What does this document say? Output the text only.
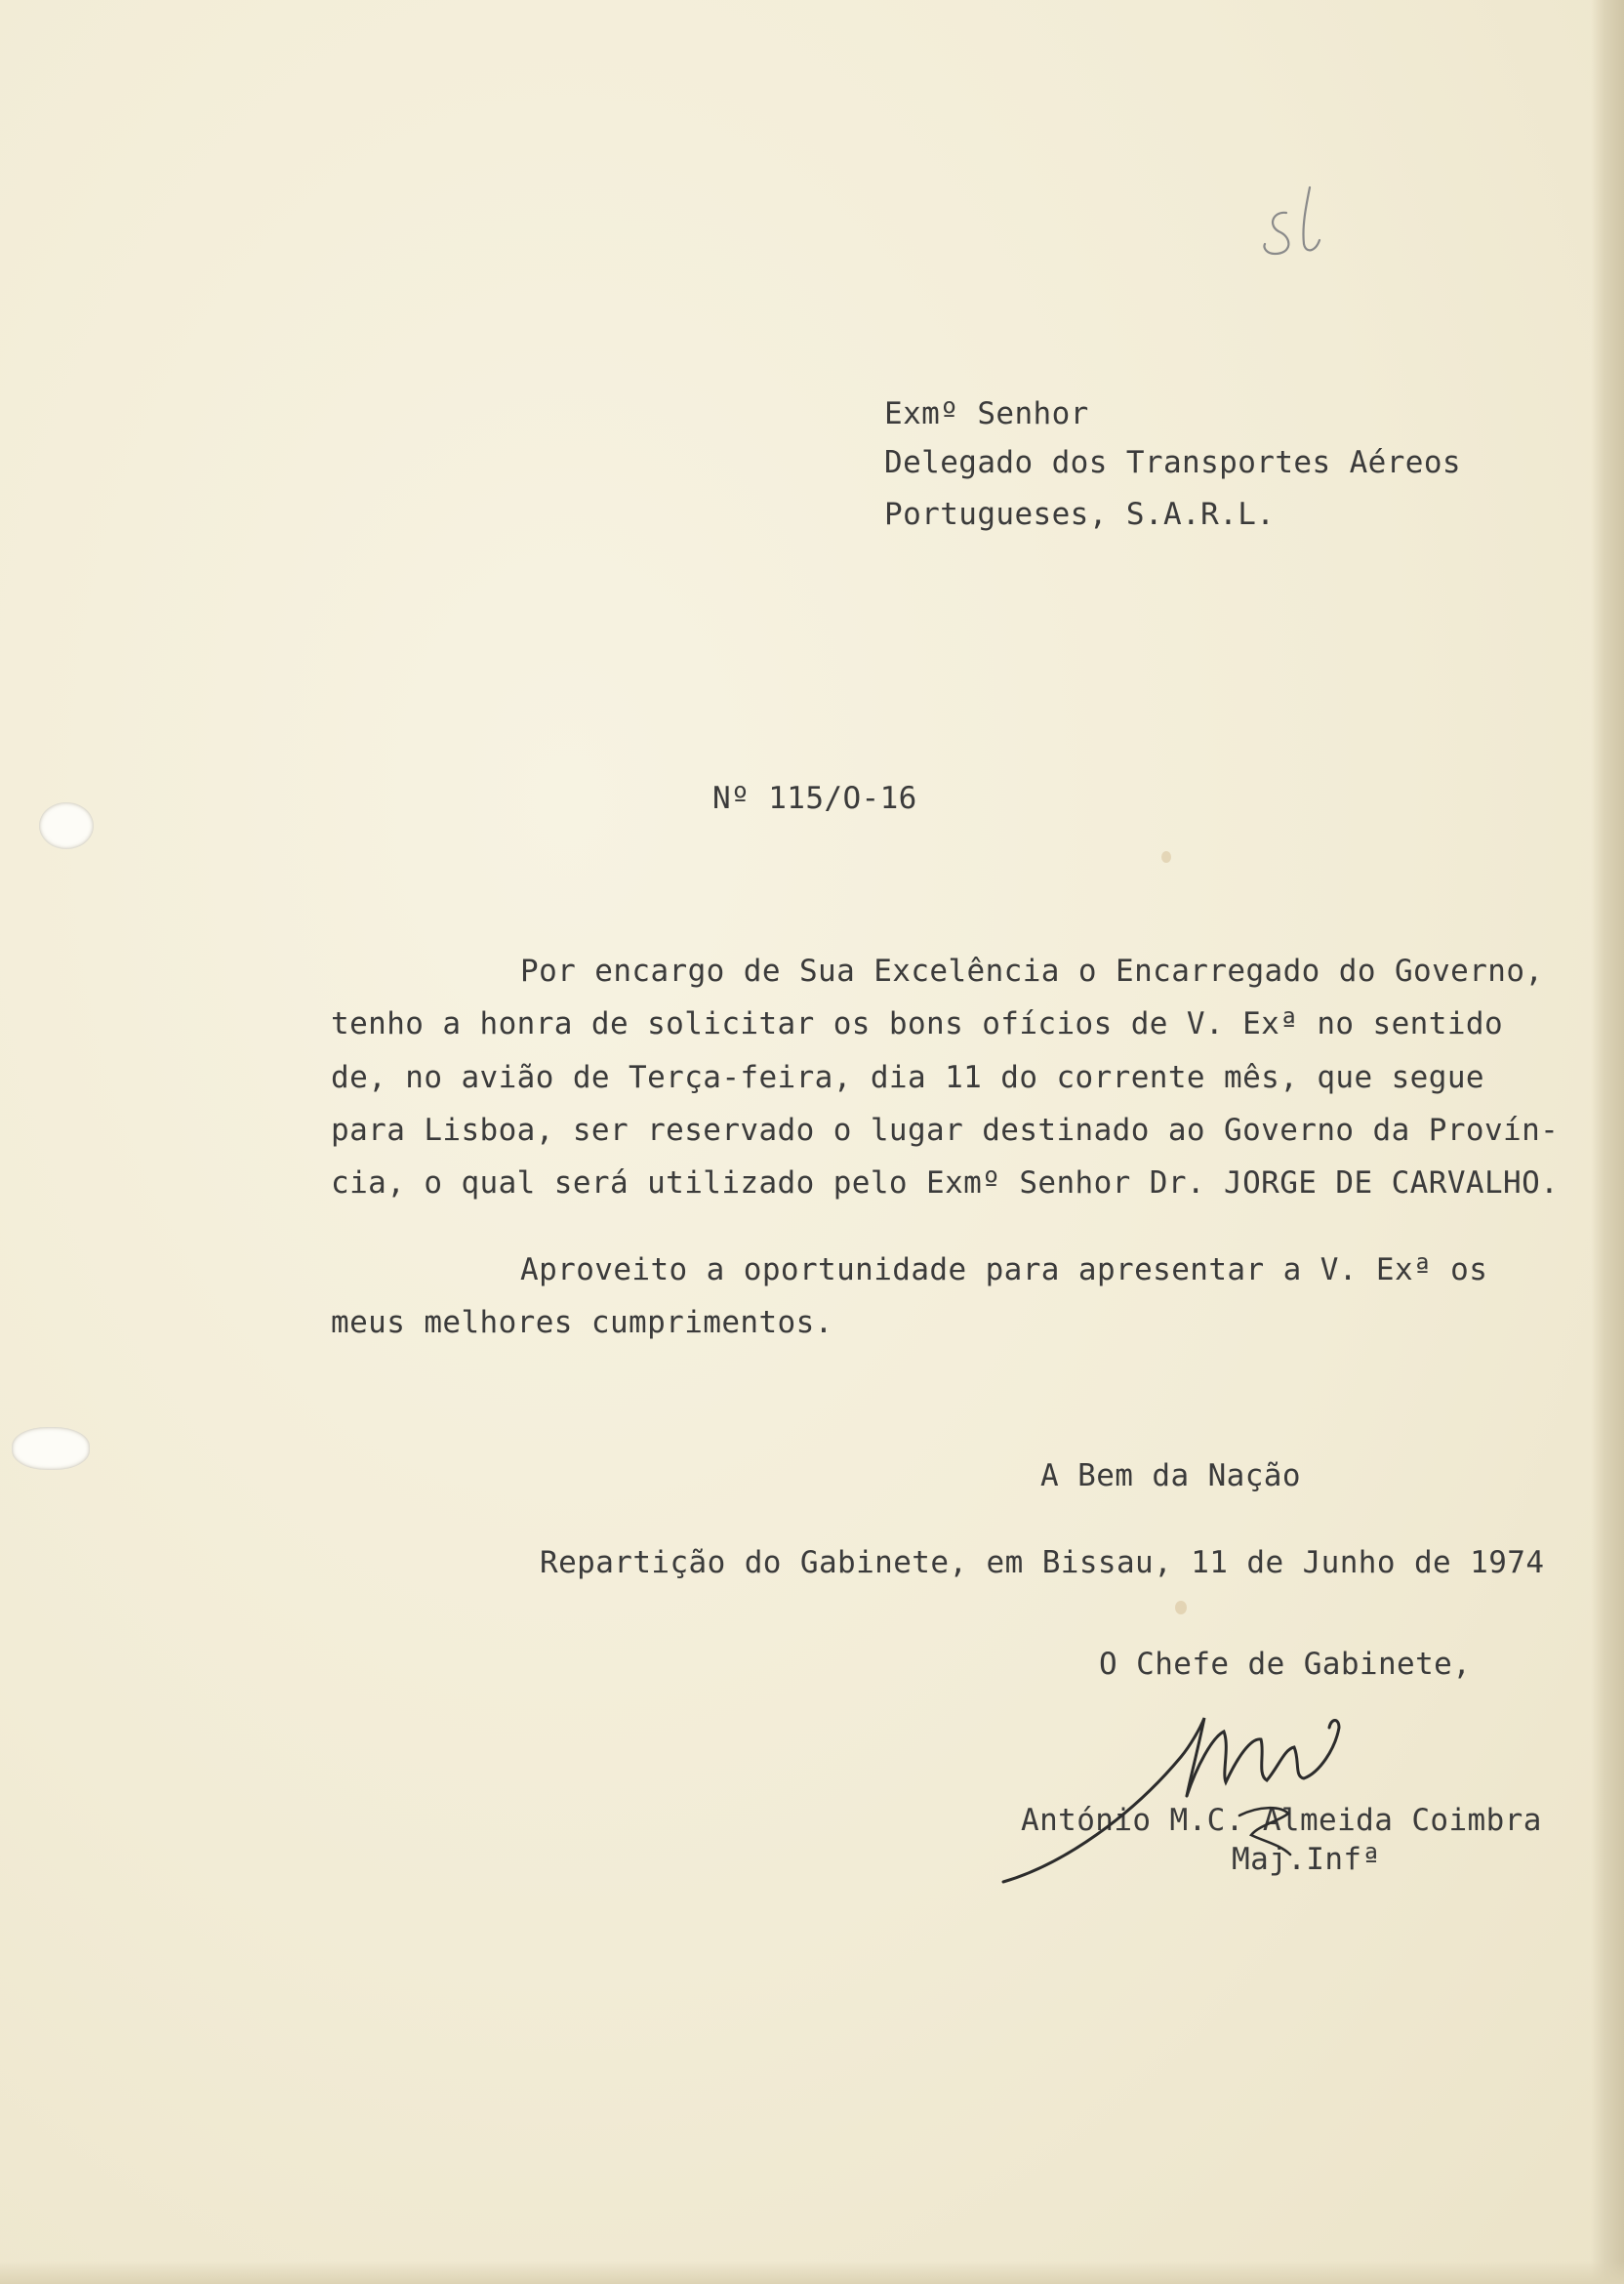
Exmº Senhor
Delegado dos Transportes Aéreos
Portugueses, S.A.R.L.
Nº 115/O-16
Por encargo de Sua Excelência o Encarregado do Governo,
tenho a honra de solicitar os bons ofícios de V. Exª no sentido
de, no avião de Terça-feira, dia 11 do corrente mês, que segue
para Lisboa, ser reservado o lugar destinado ao Governo da Provín-
cia, o qual será utilizado pelo Exmº Senhor Dr. JORGE DE CARVALHO.
Aproveito a oportunidade para apresentar a V. Exª os
meus melhores cumprimentos.
A Bem da Nação
Repartição do Gabinete, em Bissau, 11 de Junho de 1974
O Chefe de Gabinete,
António M.C. Almeida Coimbra
Maj.Infª
